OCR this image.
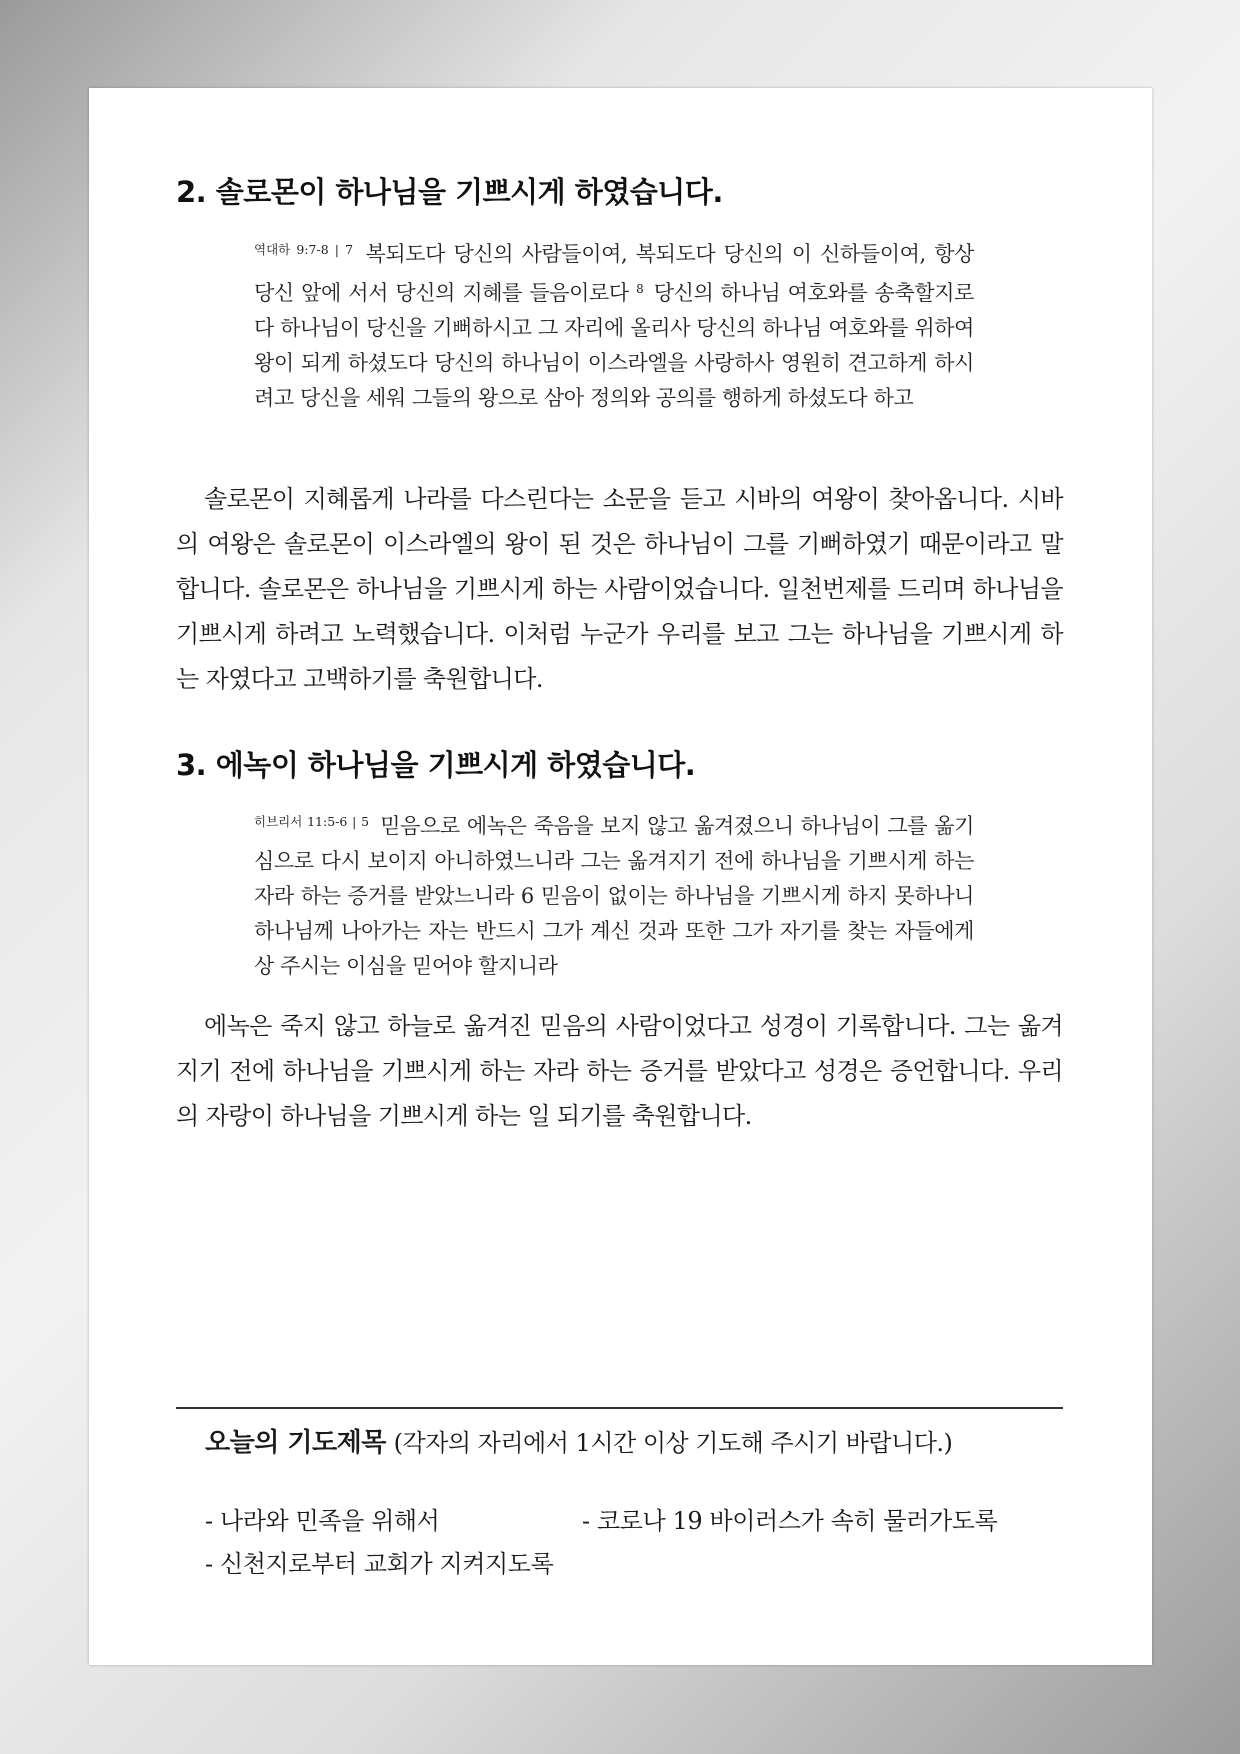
2. 솔로몬이 하나님을 기쁘시게 하였습니다.

$^{역대하 9:7-8 | 7}$ 복되도다 당신의 사람들이여, 복되도다 당신의 이 신하들이여, 항상 당신 앞에 서서 당신의 지혜를 들음이로다 $^8$ 당신의 하나님 여호와를 송축할지로다 하나님이 당신을 기뻐하시고 그 자리에 올리사 당신의 하나님 여호와를 위하여 왕이 되게 하셨도다 당신의 하나님이 이스라엘을 사랑하사 영원히 견고하게 하시려고 당신을 세워 그들의 왕으로 삼아 정의와 공의를 행하게 하셨도다 하고

솔로몬이 지혜롭게 나라를 다스린다는 소문을 듣고 시바의 여왕이 찾아옵니다. 시바의 여왕은 솔로몬이 이스라엘의 왕이 된 것은 하나님이 그를 기뻐하였기 때문이라고 말합니다. 솔로몬은 하나님을 기쁘시게 하는 사람이었습니다. 일천번제를 드리며 하나님을 기쁘시게 하려고 노력했습니다. 이처럼 누군가 우리를 보고 그는 하나님을 기쁘시게 하는 자였다고 고백하기를 축원합니다.

3. 에녹이 하나님을 기쁘시게 하였습니다.

$^{히브리서 11:5-6 | 5}$ 믿음으로 에녹은 죽음을 보지 않고 옮겨졌으니 하나님이 그를 옮기심으로 다시 보이지 아니하였느니라 그는 옮겨지기 전에 하나님을 기쁘시게 하는 자라 하는 증거를 받았느니라 6 믿음이 없이는 하나님을 기쁘시게 하지 못하나니 하나님께 나아가는 자는 반드시 그가 계신 것과 또한 그가 자기를 찾는 자들에게 상 주시는 이심을 믿어야 할지니라

에녹은 죽지 않고 하늘로 옮겨진 믿음의 사람이었다고 성경이 기록합니다. 그는 옮겨지기 전에 하나님을 기쁘시게 하는 자라 하는 증거를 받았다고 성경은 증언합니다. 우리의 자랑이 하나님을 기쁘시게 하는 일 되기를 축원합니다.

오늘의 기도제목 (각자의 자리에서 1시간 이상 기도해 주시기 바랍니다.)
- 나라와 민족을 위해서	- 코로나 19 바이러스가 속히 물러가도록
- 신천지로부터 교회가 지켜지도록
